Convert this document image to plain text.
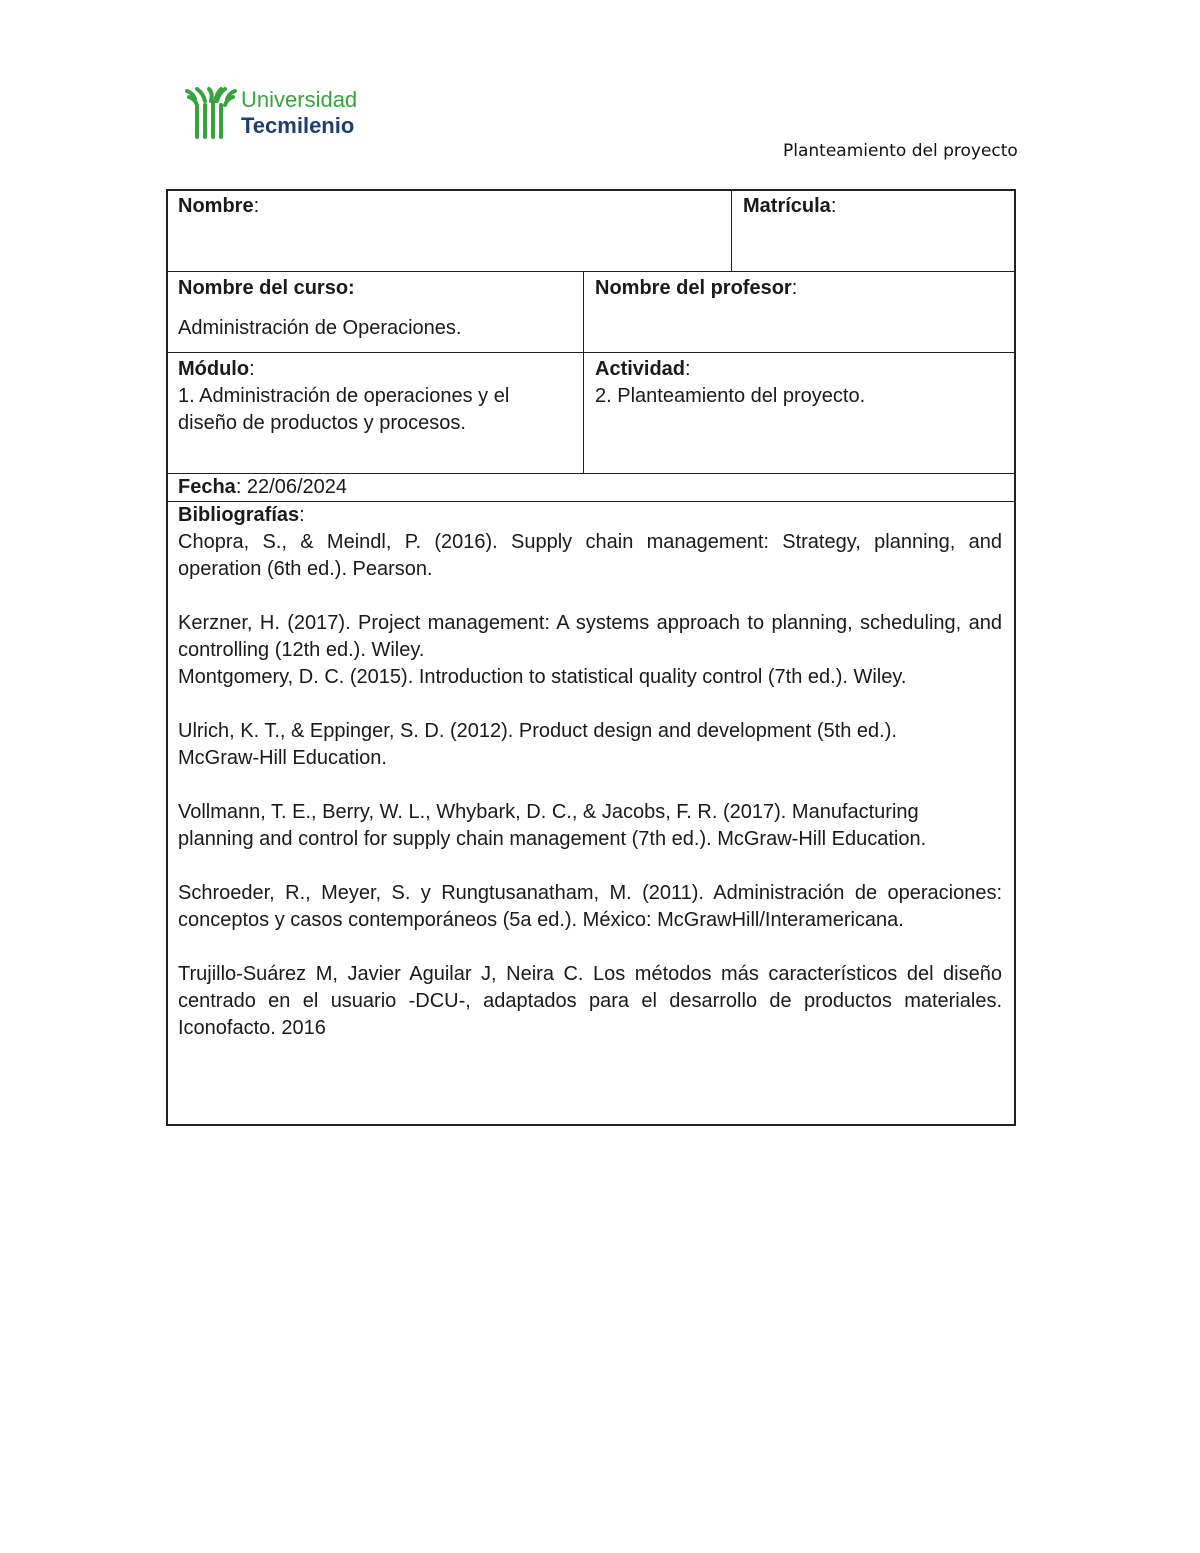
Universidad
Tecmilenio
Planteamiento del proyecto
Nombre:	Matrícula:
Nombre del curso:
Administración de Operaciones.
Nombre del profesor:
Módulo:
1. Administración de operaciones y el
diseño de productos y procesos.
Actividad:
2. Planteamiento del proyecto.
Fecha: 22/06/2024
Bibliografías:

Chopra, S., & Meindl, P. (2016). Supply chain management: Strategy, planning, and operation (6th ed.). Pearson.

Kerzner, H. (2017). Project management: A systems approach to planning, scheduling, and controlling (12th ed.). Wiley.

Montgomery, D. C. (2015). Introduction to statistical quality control (7th ed.). Wiley.

Ulrich, K. T., & Eppinger, S. D. (2012). Product design and development (5th ed.). McGraw-Hill Education.

Vollmann, T. E., Berry, W. L., Whybark, D. C., & Jacobs, F. R. (2017). Manufacturing planning and control for supply chain management (7th ed.). McGraw-Hill Education.

Schroeder, R., Meyer, S. y Rungtusanatham, M. (2011). Administración de operaciones: conceptos y casos contemporáneos (5a ed.). México: McGrawHill/Interamericana.

Trujillo-Suárez M, Javier Aguilar J, Neira C. Los métodos más característicos del diseño centrado en el usuario -DCU-, adaptados para el desarrollo de productos materiales. Iconofacto. 2016
